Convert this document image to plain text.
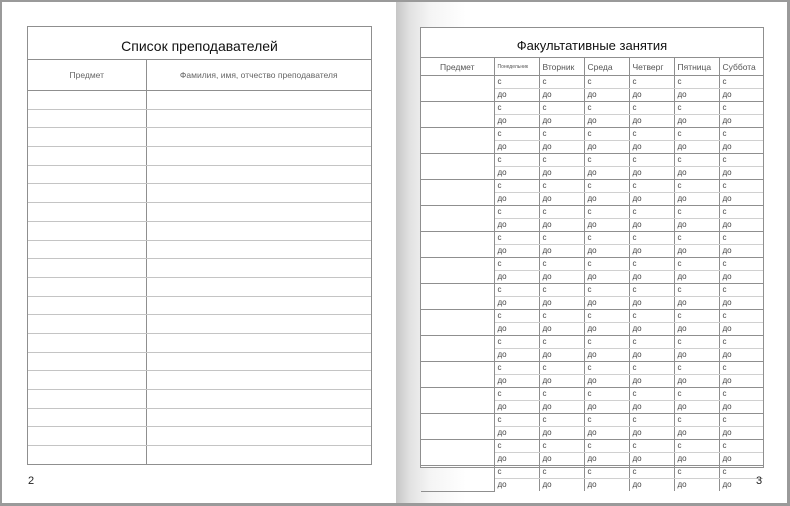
Список преподавателей
Предмет	Фамилия, имя, отчество преподавателя

2
Факультативные занятия
Предмет	Понедельник	Вторник	Среда	Четверг	Пятница	Суббота
	с	с	с	с	с	с
	до	до	до	до	до	до
	с	с	с	с	с	с
	до	до	до	до	до	до
	с	с	с	с	с	с
	до	до	до	до	до	до
	с	с	с	с	с	с
	до	до	до	до	до	до
	с	с	с	с	с	с
	до	до	до	до	до	до
	с	с	с	с	с	с
	до	до	до	до	до	до
	с	с	с	с	с	с
	до	до	до	до	до	до
	с	с	с	с	с	с
	до	до	до	до	до	до
	с	с	с	с	с	с
	до	до	до	до	до	до
	с	с	с	с	с	с
	до	до	до	до	до	до
	с	с	с	с	с	с
	до	до	до	до	до	до
	с	с	с	с	с	с
	до	до	до	до	до	до
	с	с	с	с	с	с
	до	до	до	до	до	до
	с	с	с	с	с	с
	до	до	до	до	до	до
	с	с	с	с	с	с
	до	до	до	до	до	до
	с	с	с	с	с	с
	до	до	до	до	до	до 3
